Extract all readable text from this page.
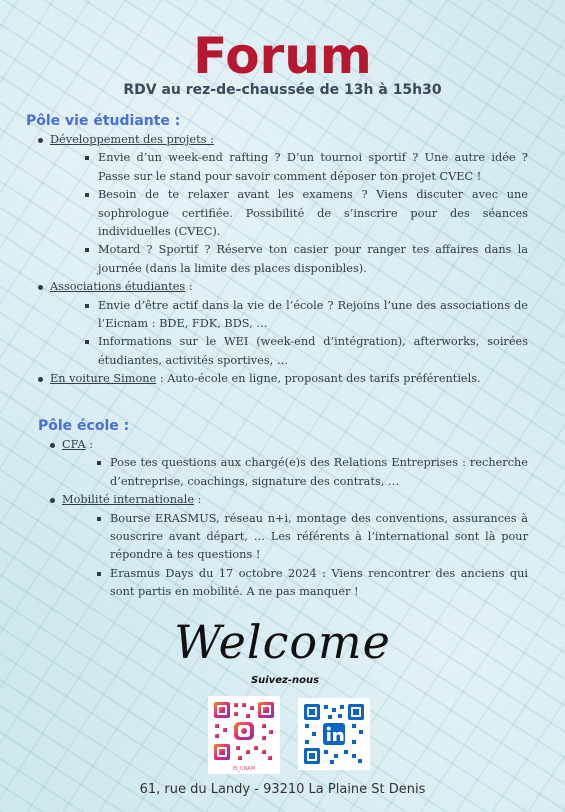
Forum

RDV au rez-de-chaussée de 13h à 15h30

Pôle vie étudiante :
Développement des projets :
Envie d’un week-end rafting ? D’un tournoi sportif ? Une autre idée ? Passe sur le stand pour savoir comment déposer ton projet CVEC !
Besoin de te relaxer avant les examens ? Viens discuter avec une sophrologue certifiée. Possibilité de s’inscrire pour des séances individuelles (CVEC).
Motard ? Sportif ? Réserve ton casier pour ranger tes affaires dans la journée (dans la limite des places disponibles).
Associations étudiantes :
Envie d’être actif dans la vie de l’école ? Rejoins l’une des associations de l’Eicnam : BDE, FDK, BDS, …
Informations sur le WEI (week-end d’intégration), afterworks, soirées étudiantes, activités sportives, …
En voiture Simone : Auto-école en ligne, proposant des tarifs préférentiels.
Pôle école :
CFA :
Pose tes questions aux chargé(e)s des Relations Entreprises : recherche d’entreprise, coachings, signature des contrats, …
Mobilité internationale :
Bourse ERASMUS, réseau n+i, montage des conventions, assurances à souscrire avant départ, … Les référents à l’international sont là pour répondre à tes questions !
Erasmus Days du 17 octobre 2024 : Viens rencontrer des anciens qui sont partis en mobilité. A ne pas manquer !
Welcome
Suivez-nous
EI_CNAM
61, rue du Landy - 93210 La Plaine St Denis
